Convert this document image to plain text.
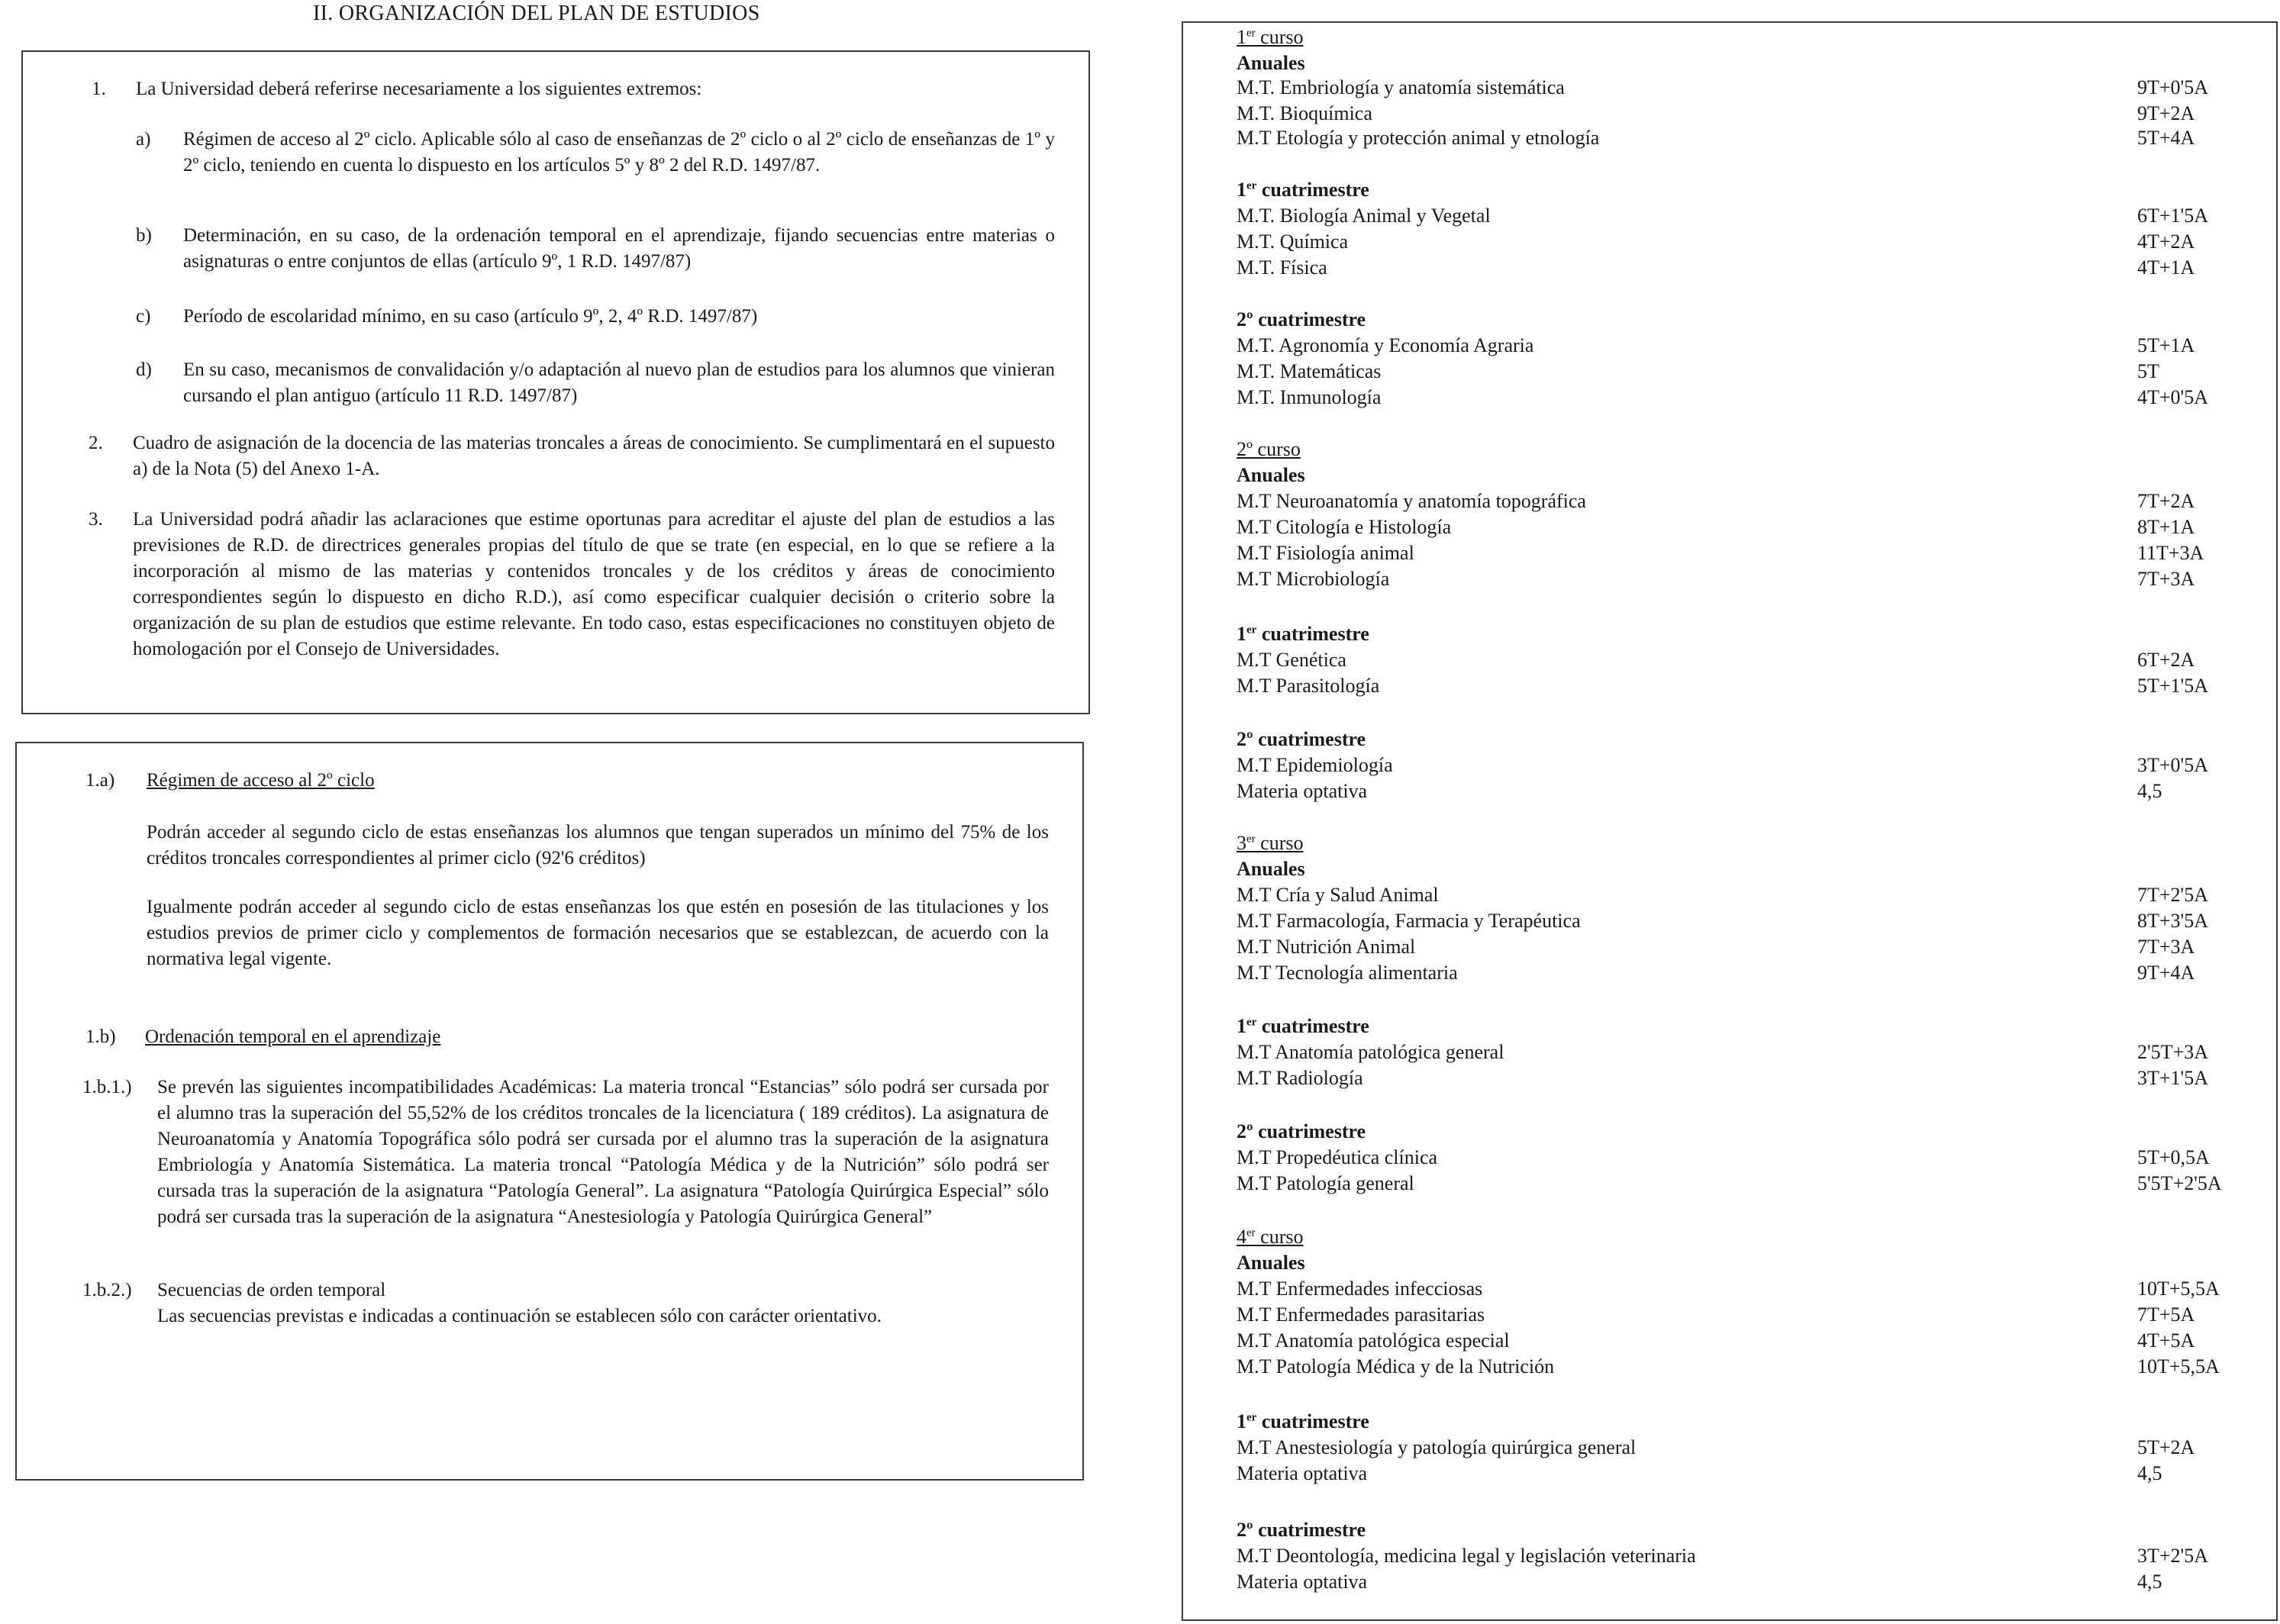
II. ORGANIZACIÓN DEL PLAN DE ESTUDIOS
1. La Universidad deberá referirse necesariamente a los siguientes extremos:
a) Régimen de acceso al 2º ciclo. Aplicable sólo al caso de enseñanzas de 2º ciclo o al 2º ciclo de enseñanzas de 1º y 2º ciclo, teniendo en cuenta lo dispuesto en los artículos 5º y 8º 2 del R.D. 1497/87.
b) Determinación, en su caso, de la ordenación temporal en el aprendizaje, fijando secuencias entre materias o asignaturas o entre conjuntos de ellas (artículo 9º, 1 R.D. 1497/87)
c) Período de escolaridad mínimo, en su caso (artículo 9º, 2, 4º R.D. 1497/87)
d) En su caso, mecanismos de convalidación y/o adaptación al nuevo plan de estudios para los alumnos que vinieran cursando el plan antiguo (artículo 11 R.D. 1497/87)
2. Cuadro de asignación de la docencia de las materias troncales a áreas de conocimiento. Se cumplimentará en el supuesto a) de la Nota (5) del Anexo 1-A.
3. La Universidad podrá añadir las aclaraciones que estime oportunas para acreditar el ajuste del plan de estudios a las previsiones de R.D. de directrices generales propias del título de que se trate (en especial, en lo que se refiere a la incorporación al mismo de las materias y contenidos troncales y de los créditos y áreas de conocimiento correspondientes según lo dispuesto en dicho R.D.), así como especificar cualquier decisión o criterio sobre la organización de su plan de estudios que estime relevante. En todo caso, estas especificaciones no constituyen objeto de homologación por el Consejo de Universidades.
1.a) Régimen de acceso al 2º ciclo
Podrán acceder al segundo ciclo de estas enseñanzas los alumnos que tengan superados un mínimo del 75% de los créditos troncales correspondientes al primer ciclo (92'6 créditos)
Igualmente podrán acceder al segundo ciclo de estas enseñanzas los que estén en posesión de las titulaciones y los estudios previos de primer ciclo y complementos de formación necesarios que se establezcan, de acuerdo con la normativa legal vigente.
1.b) Ordenación temporal en el aprendizaje
1.b.1.) Se prevén las siguientes incompatibilidades Académicas: La materia troncal “Estancias” sólo podrá ser cursada por el alumno tras la superación del 55,52% de los créditos troncales de la licenciatura ( 189 créditos). La asignatura de Neuroanatomía y Anatomía Topográfica sólo podrá ser cursada por el alumno tras la superación de la asignatura Embriología y Anatomía Sistemática. La materia troncal “Patología Médica y de la Nutrición” sólo podrá ser cursada tras la superación de la asignatura “Patología General”. La asignatura “Patología Quirúrgica Especial” sólo podrá ser cursada tras la superación de la asignatura “Anestesiología y Patología Quirúrgica General”
1.b.2.) Secuencias de orden temporal
Las secuencias previstas e indicadas a continuación se establecen sólo con carácter orientativo.
1er curso
Anuales
M.T. Embriología y anatomía sistemática	9T+0'5A
M.T. Bioquímica	9T+2A
M.T Etología y protección animal y etnología	5T+4A
1er cuatrimestre
M.T. Biología Animal y Vegetal	6T+1'5A
M.T. Química	4T+2A
M.T. Física	4T+1A
2º cuatrimestre
M.T. Agronomía y Economía Agraria	5T+1A
M.T. Matemáticas	5T
M.T. Inmunología	4T+0'5A
2º curso
Anuales
M.T Neuroanatomía y anatomía topográfica	7T+2A
M.T Citología e Histología	8T+1A
M.T Fisiología animal	11T+3A
M.T Microbiología	7T+3A
1er cuatrimestre
M.T Genética	6T+2A
M.T Parasitología	5T+1'5A
2º cuatrimestre
M.T Epidemiología	3T+0'5A
Materia optativa	4,5
3er curso
Anuales
M.T Cría y Salud Animal	7T+2'5A
M.T Farmacología, Farmacia y Terapéutica	8T+3'5A
M.T Nutrición Animal	7T+3A
M.T Tecnología alimentaria	9T+4A
1er cuatrimestre
M.T Anatomía patológica general	2'5T+3A
M.T Radiología	3T+1'5A
2º cuatrimestre
M.T Propedéutica clínica	5T+0,5A
M.T Patología general	5'5T+2'5A
4er curso
Anuales
M.T Enfermedades infecciosas	10T+5,5A
M.T Enfermedades parasitarias	7T+5A
M.T Anatomía patológica especial	4T+5A
M.T Patología Médica y de la Nutrición	10T+5,5A
1er cuatrimestre
M.T Anestesiología y patología quirúrgica general	5T+2A
Materia optativa	4,5
2º cuatrimestre
M.T Deontología, medicina legal y legislación veterinaria	3T+2'5A
Materia optativa	4,5
